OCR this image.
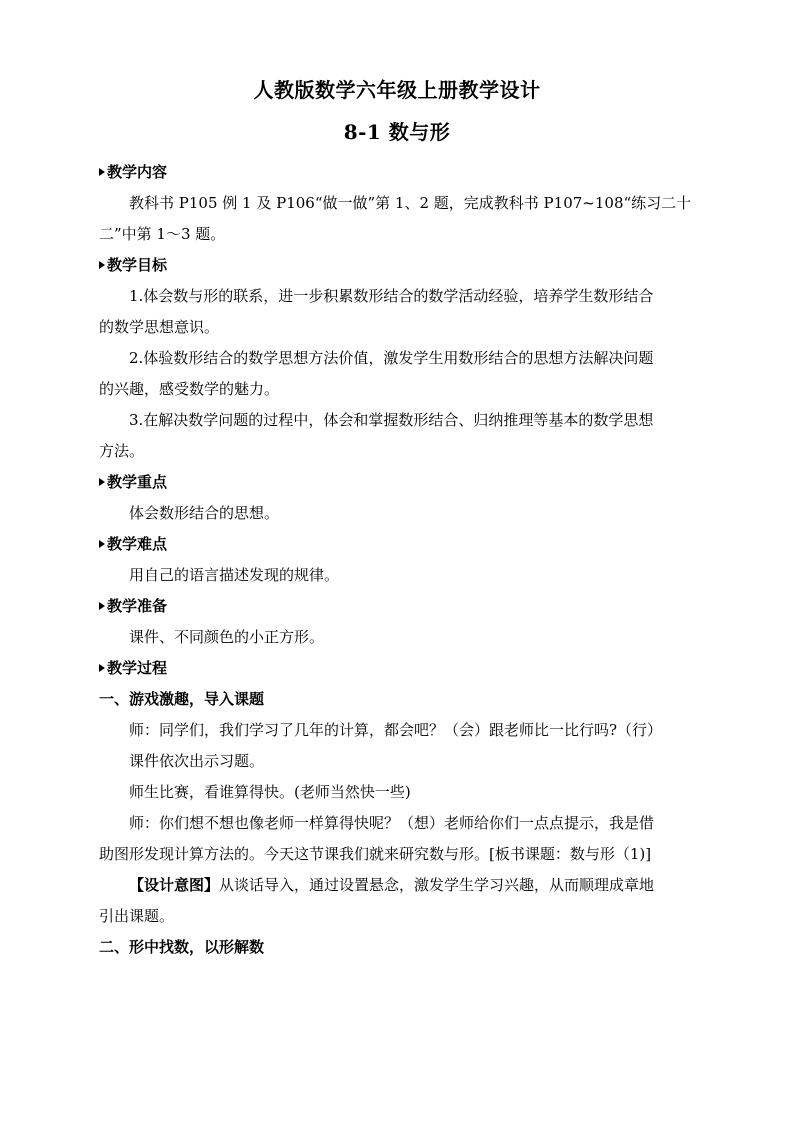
人教版数学六年级上册教学设计
8-1 数与形
教学内容
教科书 P105 例 1 及 P106“做一做”第 1、2 题，完成教科书 P107~108“练习二十
二”中第 1～3 题。
教学目标
1.体会数与形的联系，进一步积累数形结合的数学活动经验，培养学生数形结合
的数学思想意识。
2.体验数形结合的数学思想方法价值，激发学生用数形结合的思想方法解决问题
的兴趣，感受数学的魅力。
3.在解决数学问题的过程中，体会和掌握数形结合、归纳推理等基本的数学思想
方法。
教学重点
体会数形结合的思想。
教学难点
用自己的语言描述发现的规律。
教学准备
课件、不同颜色的小正方形。
教学过程
一、游戏激趣，导入课题
师：同学们，我们学习了几年的计算，都会吧？（会）跟老师比一比行吗?（行）
课件依次出示习题。
师生比赛，看谁算得快。(老师当然快一些)
师：你们想不想也像老师一样算得快呢？（想）老师给你们一点点提示，我是借
助图形发现计算方法的。今天这节课我们就来研究数与形。[板书课题：数与形（1)]
【设计意图】从谈话导入，通过设置悬念，激发学生学习兴趣，从而顺理成章地
引出课题。
二、形中找数，以形解数
